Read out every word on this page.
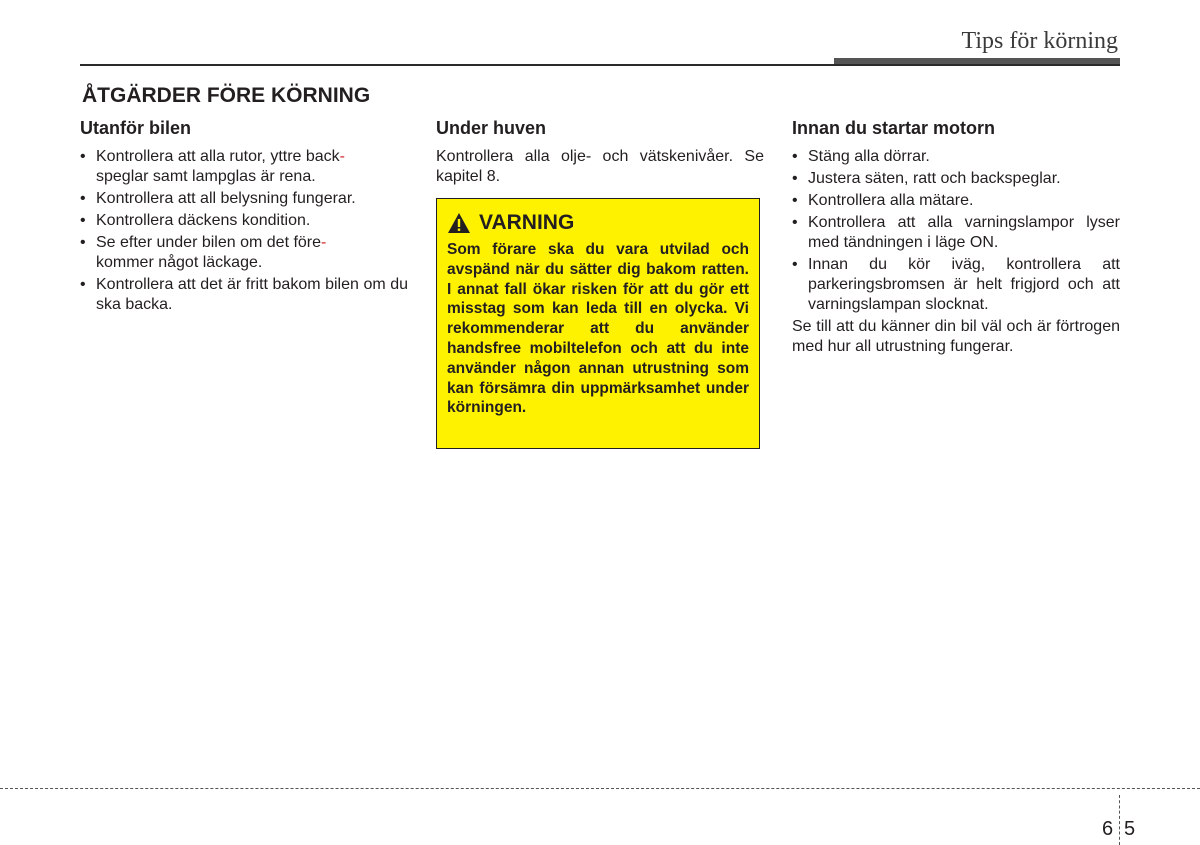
Tips för körning
ÅTGÄRDER FÖRE KÖRNING
Utanför bilen
• Kontrollera att alla rutor, yttre back-
speglar samt lampglas är rena.
• Kontrollera att all belysning fungerar.
• Kontrollera däckens kondition.
• Se efter under bilen om det före-
kommer något läckage.
• Kontrollera att det är fritt bakom bilen om du ska backa.
Under huven

Kontrollera alla olje- och vätskenivåer. Se kapitel 8.

VARNING
Som förare ska du vara utvilad och avspänd när du sätter dig bakom ratten. I annat fall ökar risken för att du gör ett misstag som kan leda till en olycka. Vi rekommenderar att du använder handsfree mobiltelefon och att du inte använder någon annan utrustning som kan försämra din uppmärksamhet under körningen.
Innan du startar motorn
• Stäng alla dörrar.
• Justera säten, ratt och backspeglar.
• Kontrollera alla mätare.
• Kontrollera att alla varningslampor lyser med tändningen i läge ON.
• Innan du kör iväg, kontrollera att parkeringsbromsen är helt frigjord och att varningslampan slocknat.

Se till att du känner din bil väl och är förtrogen med hur all utrustning fungerar.

6 5
